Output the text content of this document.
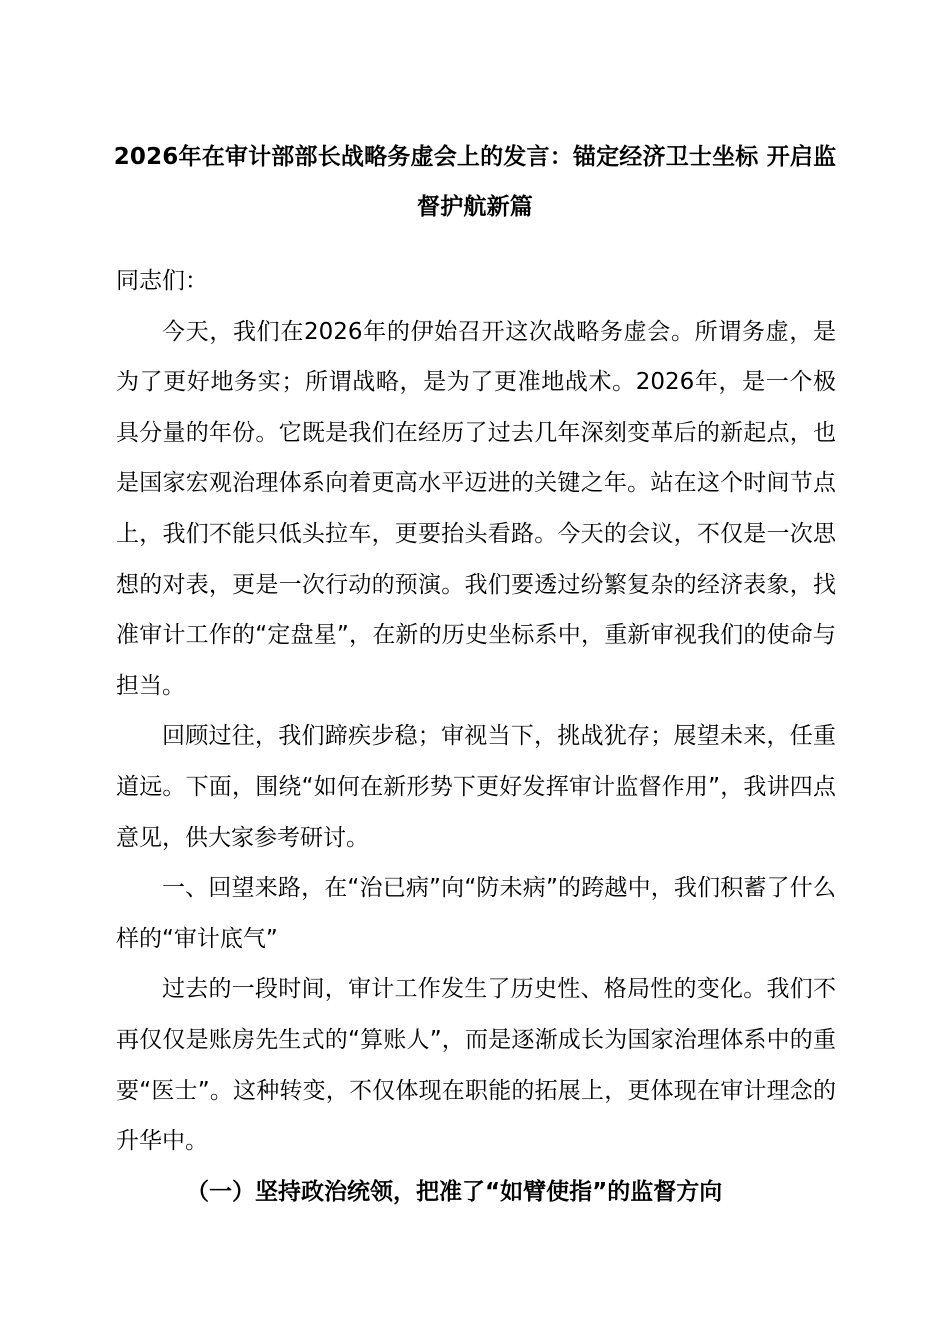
2026年在审计部部长战略务虚会上的发言：锚定经济卫士坐标 开启监督护航新篇

同志们：

今天，我们在2026年的伊始召开这次战略务虚会。所谓务虚，是为了更好地务实；所谓战略，是为了更准地战术。2026年，是一个极具分量的年份。它既是我们在经历了过去几年深刻变革后的新起点，也是国家宏观治理体系向着更高水平迈进的关键之年。站在这个时间节点上，我们不能只低头拉车，更要抬头看路。今天的会议，不仅是一次思想的对表，更是一次行动的预演。我们要透过纷繁复杂的经济表象，找准审计工作的“定盘星”，在新的历史坐标系中，重新审视我们的使命与担当。

回顾过往，我们蹄疾步稳；审视当下，挑战犹存；展望未来，任重道远。下面，围绕“如何在新形势下更好发挥审计监督作用”，我讲四点意见，供大家参考研讨。

一、回望来路，在“治已病”向“防未病”的跨越中，我们积蓄了什么样的“审计底气”

过去的一段时间，审计工作发生了历史性、格局性的变化。我们不再仅仅是账房先生式的“算账人”，而是逐渐成长为国家治理体系中的重要“医士”。这种转变，不仅体现在职能的拓展上，更体现在审计理念的升华中。

（一）坚持政治统领，把准了“如臂使指”的监督方向
